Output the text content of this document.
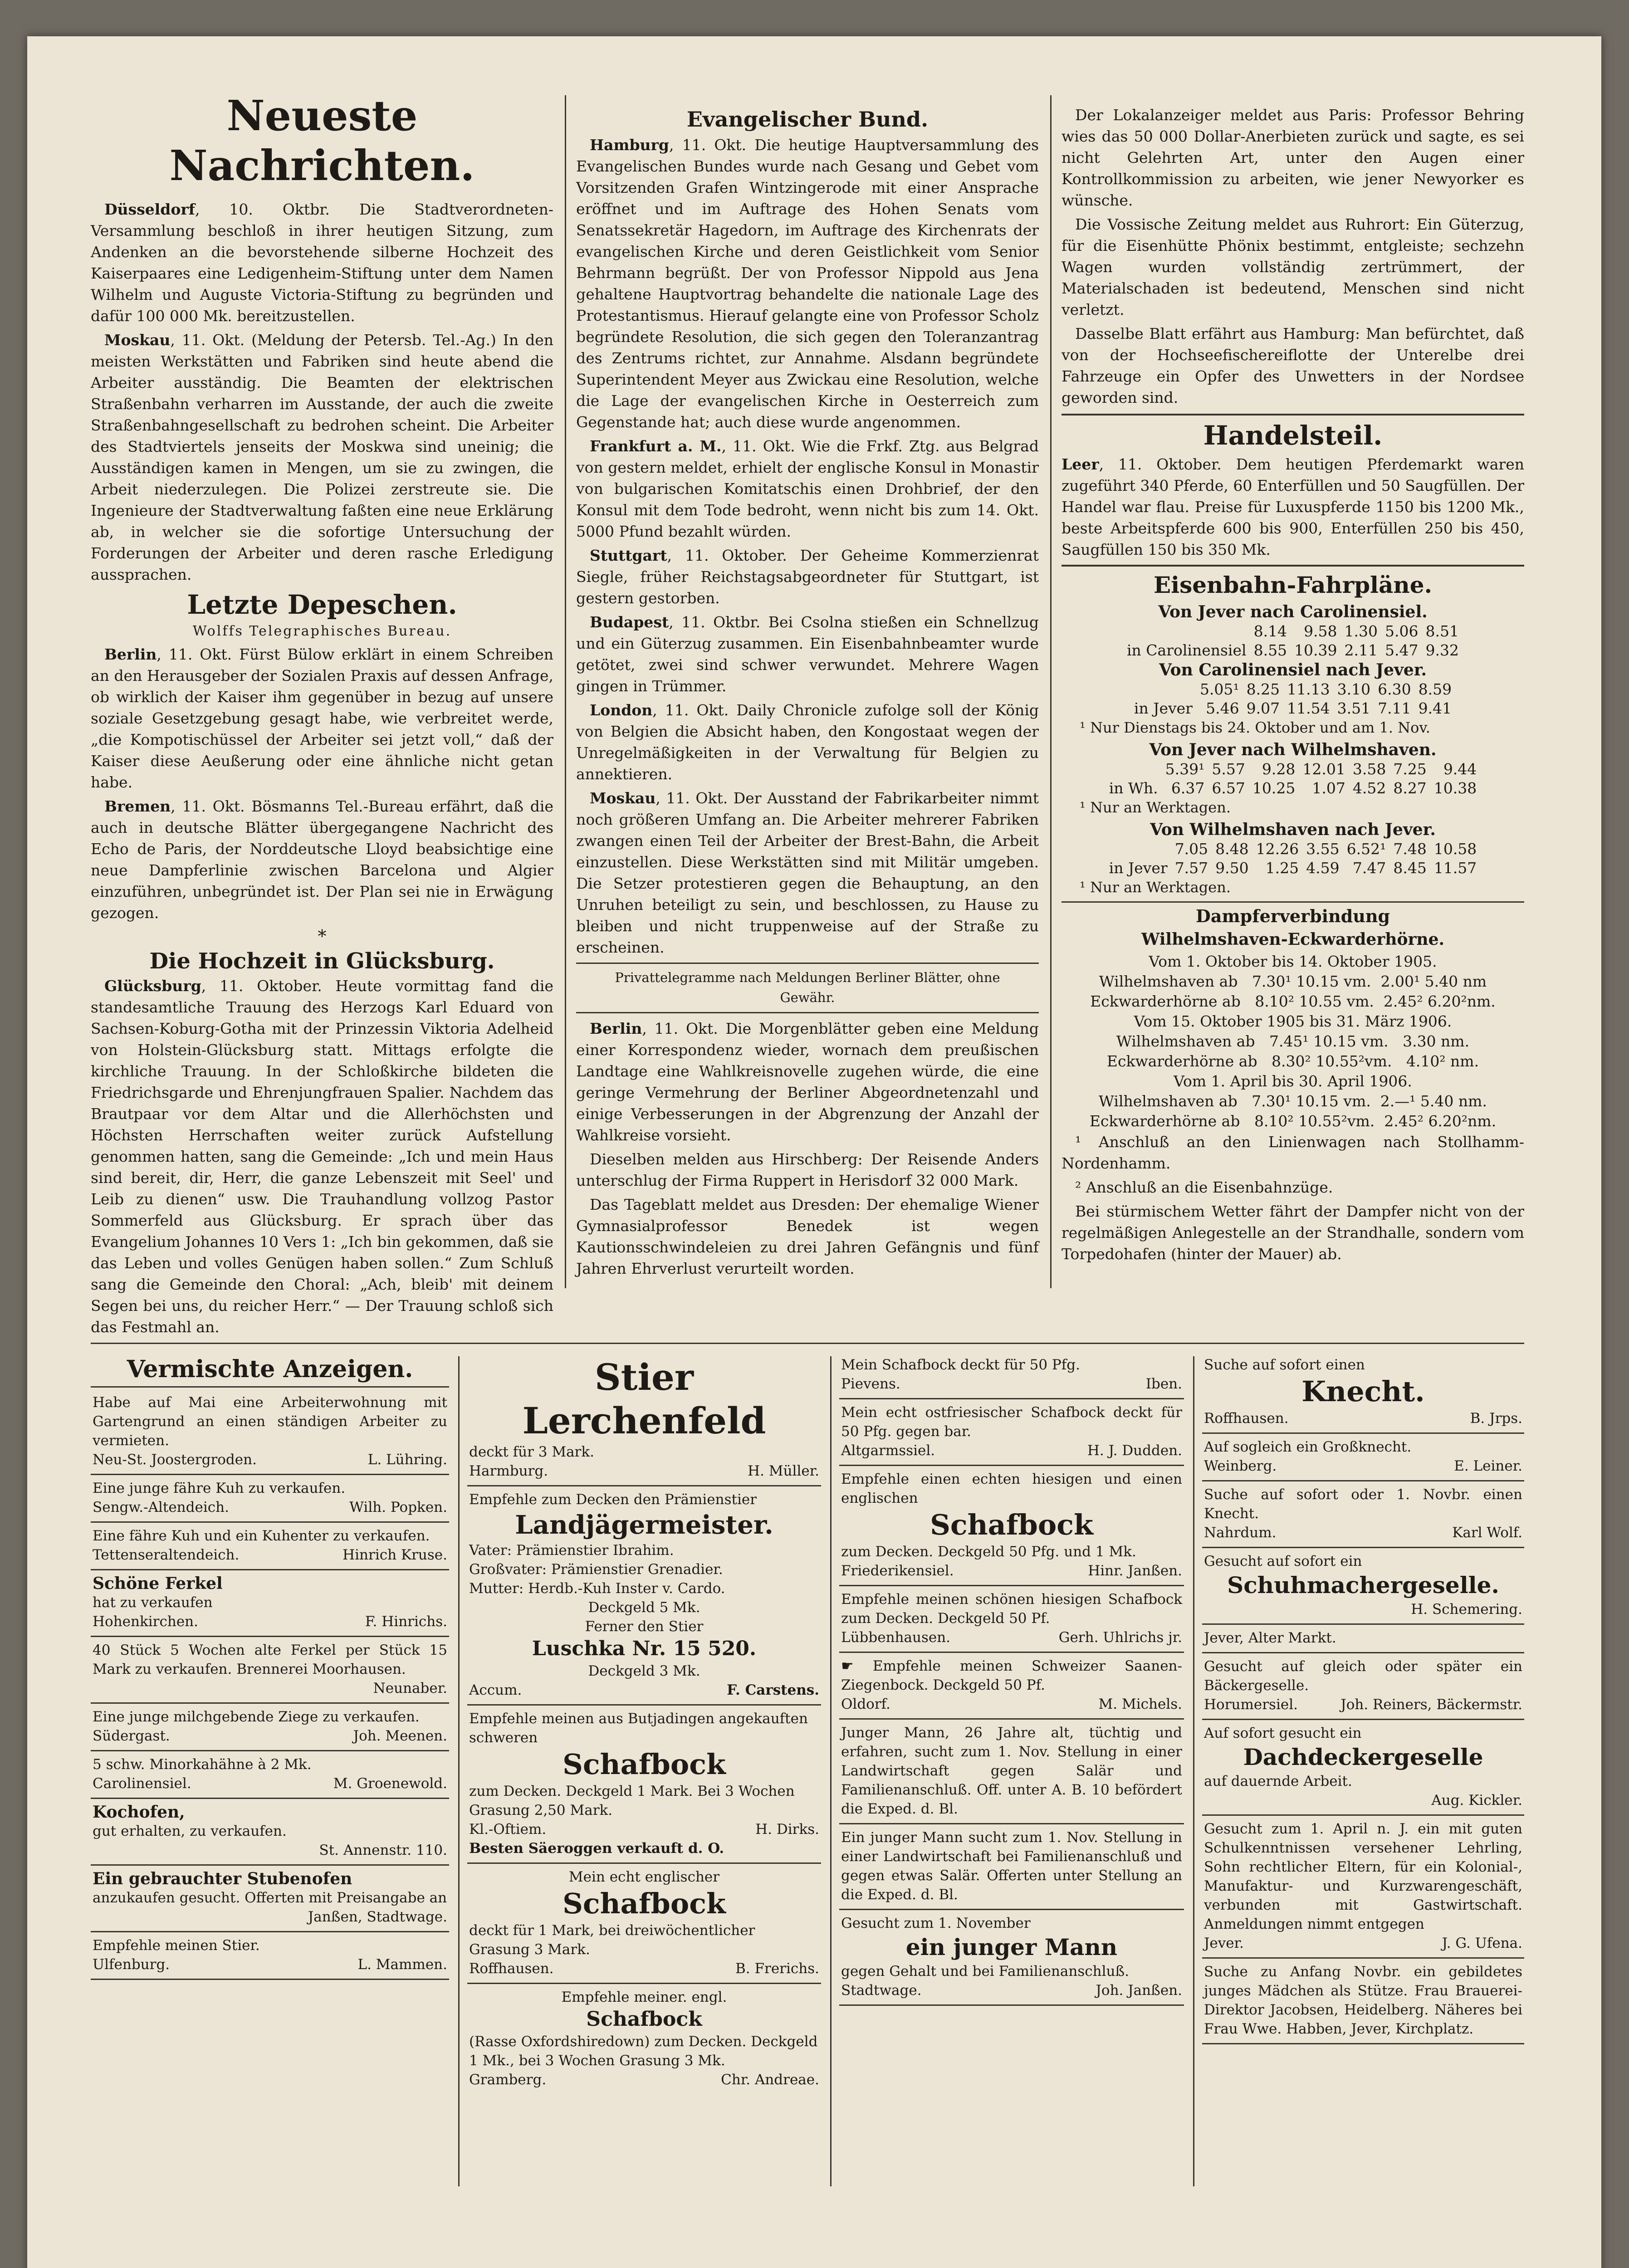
Neueste Nachrichten.

Düsseldorf, 10. Oktbr. Die Stadtverordneten-Versammlung beschloß in ihrer heutigen Sitzung, zum Andenken an die bevorstehende silberne Hochzeit des Kaiserpaares eine Ledigenheim-Stiftung unter dem Namen Wilhelm und Auguste Victoria-Stiftung zu begründen und dafür 100 000 Mk. bereitzustellen.

Moskau, 11. Okt. (Meldung der Petersb. Tel.-Ag.) In den meisten Werkstätten und Fabriken sind heute abend die Arbeiter ausständig. Die Beamten der elektrischen Straßenbahn verharren im Ausstande, der auch die zweite Straßenbahngesellschaft zu bedrohen scheint. Die Arbeiter des Stadtviertels jenseits der Moskwa sind uneinig; die Ausständigen kamen in Mengen, um sie zu zwingen, die Arbeit niederzulegen. Die Polizei zerstreute sie. Die Ingenieure der Stadtverwaltung faßten eine neue Erklärung ab, in welcher sie die sofortige Untersuchung der Forderungen der Arbeiter und deren rasche Erledigung aussprachen.

Letzte Depeschen.
Wolffs Telegraphisches Bureau.

Berlin, 11. Okt. Fürst Bülow erklärt in einem Schreiben an den Herausgeber der Sozialen Praxis auf dessen Anfrage, ob wirklich der Kaiser ihm gegenüber in bezug auf unsere soziale Gesetzgebung gesagt habe, wie verbreitet werde, „die Kompotischüssel der Arbeiter sei jetzt voll,“ daß der Kaiser diese Aeußerung oder eine ähnliche nicht getan habe.

Bremen, 11. Okt. Bösmanns Tel.-Bureau erfährt, daß die auch in deutsche Blätter übergegangene Nachricht des Echo de Paris, der Norddeutsche Lloyd beabsichtige eine neue Dampferlinie zwischen Barcelona und Algier einzuführen, unbegründet ist. Der Plan sei nie in Erwägung gezogen.

*
Die Hochzeit in Glücksburg.

Glücksburg, 11. Oktober. Heute vormittag fand die standesamtliche Trauung des Herzogs Karl Eduard von Sachsen-Koburg-Gotha mit der Prinzessin Viktoria Adelheid von Holstein-Glücksburg statt. Mittags erfolgte die kirchliche Trauung. In der Schloßkirche bildeten die Friedrichsgarde und Ehrenjungfrauen Spalier. Nachdem das Brautpaar vor dem Altar und die Allerhöchsten und Höchsten Herrschaften weiter zurück Aufstellung genommen hatten, sang die Gemeinde: „Ich und mein Haus sind bereit, dir, Herr, die ganze Lebenszeit mit Seel' und Leib zu dienen“ usw. Die Trauhandlung vollzog Pastor Sommerfeld aus Glücksburg. Er sprach über das Evangelium Johannes 10 Vers 1: „Ich bin gekommen, daß sie das Leben und volles Genügen haben sollen.“ Zum Schluß sang die Gemeinde den Choral: „Ach, bleib' mit deinem Segen bei uns, du reicher Herr.“ — Der Trauung schloß sich das Festmahl an.

Evangelischer Bund.

Hamburg, 11. Okt. Die heutige Hauptversammlung des Evangelischen Bundes wurde nach Gesang und Gebet vom Vorsitzenden Grafen Wintzingerode mit einer Ansprache eröffnet und im Auftrage des Hohen Senats vom Senatssekretär Hagedorn, im Auftrage des Kirchenrats der evangelischen Kirche und deren Geistlichkeit vom Senior Behrmann begrüßt. Der von Professor Nippold aus Jena gehaltene Hauptvortrag behandelte die nationale Lage des Protestantismus. Hierauf gelangte eine von Professor Scholz begründete Resolution, die sich gegen den Toleranzantrag des Zentrums richtet, zur Annahme. Alsdann begründete Superintendent Meyer aus Zwickau eine Resolution, welche die Lage der evangelischen Kirche in Oesterreich zum Gegenstande hat; auch diese wurde angenommen.

Frankfurt a. M., 11. Okt. Wie die Frkf. Ztg. aus Belgrad von gestern meldet, erhielt der englische Konsul in Monastir von bulgarischen Komitatschis einen Drohbrief, der den Konsul mit dem Tode bedroht, wenn nicht bis zum 14. Okt. 5000 Pfund bezahlt würden.

Stuttgart, 11. Oktober. Der Geheime Kommerzienrat Siegle, früher Reichstagsabgeordneter für Stuttgart, ist gestern gestorben.

Budapest, 11. Oktbr. Bei Csolna stießen ein Schnellzug und ein Güterzug zusammen. Ein Eisenbahnbeamter wurde getötet, zwei sind schwer verwundet. Mehrere Wagen gingen in Trümmer.

London, 11. Okt. Daily Chronicle zufolge soll der König von Belgien die Absicht haben, den Kongostaat wegen der Unregelmäßigkeiten in der Verwaltung für Belgien zu annektieren.

Moskau, 11. Okt. Der Ausstand der Fabrikarbeiter nimmt noch größeren Umfang an. Die Arbeiter mehrerer Fabriken zwangen einen Teil der Arbeiter der Brest-Bahn, die Arbeit einzustellen. Diese Werkstätten sind mit Militär umgeben. Die Setzer protestieren gegen die Behauptung, an den Unruhen beteiligt zu sein, und beschlossen, zu Hause zu bleiben und nicht truppenweise auf der Straße zu erscheinen.

Privattelegramme nach Meldungen Berliner Blätter, ohne Gewähr.

Berlin, 11. Okt. Die Morgenblätter geben eine Meldung einer Korrespondenz wieder, wornach dem preußischen Landtage eine Wahlkreisnovelle zugehen würde, die eine geringe Vermehrung der Berliner Abgeordnetenzahl und einige Verbesserungen in der Abgrenzung der Anzahl der Wahlkreise vorsieht.

Dieselben melden aus Hirschberg: Der Reisende Anders unterschlug der Firma Ruppert in Herisdorf 32 000 Mark.

Das Tageblatt meldet aus Dresden: Der ehemalige Wiener Gymnasialprofessor Benedek ist wegen Kautionsschwindeleien zu drei Jahren Gefängnis und fünf Jahren Ehrverlust verurteilt worden.

Der Lokalanzeiger meldet aus Paris: Professor Behring wies das 50 000 Dollar-Anerbieten zurück und sagte, es sei nicht Gelehrten Art, unter den Augen einer Kontrollkommission zu arbeiten, wie jener Newyorker es wünsche.

Die Vossische Zeitung meldet aus Ruhrort: Ein Güterzug, für die Eisenhütte Phönix bestimmt, entgleiste; sechzehn Wagen wurden vollständig zertrümmert, der Materialschaden ist bedeutend, Menschen sind nicht verletzt.

Dasselbe Blatt erfährt aus Hamburg: Man befürchtet, daß von der Hochseefischereiflotte der Unterelbe drei Fahrzeuge ein Opfer des Unwetters in der Nordsee geworden sind.

Handelsteil.

Leer, 11. Oktober. Dem heutigen Pferdemarkt waren zugeführt 340 Pferde, 60 Enterfüllen und 50 Saugfüllen. Der Handel war flau. Preise für Luxuspferde 1150 bis 1200 Mk., beste Arbeitspferde 600 bis 900, Enterfüllen 250 bis 450, Saugfüllen 150 bis 350 Mk.

Eisenbahn-Fahrpläne.
Von Jever nach Carolinensiel.
	8.14	9.58	1.30	5.06	8.51
in Carolinensiel	8.55	10.39	2.11	5.47	9.32
Von Carolinensiel nach Jever.
	5.05¹	8.25	11.13	3.10	6.30	8.59
in Jever	5.46	9.07	11.54	3.51	7.11	9.41
¹ Nur Dienstags bis 24. Oktober und am 1. Nov.
Von Jever nach Wilhelmshaven.
	5.39¹	5.57	9.28	12.01	3.58	7.25	9.44
in Wh.	6.37	6.57	10.25	1.07	4.52	8.27	10.38
¹ Nur an Werktagen.
Von Wilhelmshaven nach Jever.
	7.05	8.48	12.26	3.55	6.52¹	7.48	10.58
in Jever	7.57	9.50	1.25	4.59	7.47	8.45	11.57
¹ Nur an Werktagen.
Dampferverbindung
Wilhelmshaven-Eckwarderhörne.
Vom 1. Oktober bis 14. Oktober 1905.
Wilhelmshaven ab   7.30¹ 10.15 vm.  2.00¹ 5.40 nm
Eckwarderhörne ab   8.10² 10.55 vm.  2.45² 6.20²nm.
Vom 15. Oktober 1905 bis 31. März 1906.
Wilhelmshaven ab   7.45¹ 10.15 vm.   3.30 nm.
Eckwarderhörne ab   8.30² 10.55²vm.   4.10² nm.
Vom 1. April bis 30. April 1906.
Wilhelmshaven ab   7.30¹ 10.15 vm.  2.—¹ 5.40 nm.
Eckwarderhörne ab   8.10² 10.55²vm.  2.45² 6.20²nm.

¹ Anschluß an den Linienwagen nach Stollhamm-Nordenhamm.

² Anschluß an die Eisenbahnzüge.

Bei stürmischem Wetter fährt der Dampfer nicht von der regelmäßigen Anlegestelle an der Strandhalle, sondern vom Torpedohafen (hinter der Mauer) ab.

Vermischte Anzeigen.
Habe auf Mai eine Arbeiterwohnung mit Gartengrund an einen ständigen Arbeiter zu vermieten.
Neu-St. Joostergroden.	L. Lühring.
Eine junge fähre Kuh zu verkaufen.
Sengw.-Altendeich.	Wilh. Popken.
Eine fähre Kuh und ein Kuhenter zu verkaufen.
Tettenseraltendeich.	Hinrich Kruse.
Schöne Ferkel
hat zu verkaufen
Hohenkirchen.	F. Hinrichs.
40 Stück 5 Wochen alte Ferkel per Stück 15 Mark zu verkaufen. Brennerei Moorhausen.
Neunaber.
Eine junge milchgebende Ziege zu verkaufen.
Südergast.	Joh. Meenen.
5 schw. Minorkahähne à 2 Mk.
Carolinensiel.	M. Groenewold.
Kochofen,
gut erhalten, zu verkaufen.
St. Annenstr. 110.
Ein gebrauchter Stubenofen
anzukaufen gesucht. Offerten mit Preisangabe an
Janßen, Stadtwage.
Empfehle meinen Stier.
Ulfenburg.	L. Mammen.
Stier Lerchenfeld
deckt für 3 Mark.
Harmburg.	H. Müller.
Empfehle zum Decken den Prämienstier
Landjägermeister.
Vater: Prämienstier Ibrahim.
Großvater: Prämienstier Grenadier.
Mutter: Herdb.-Kuh Inster v. Cardo.
Deckgeld 5 Mk.
Ferner den Stier
Luschka Nr. 15 520.
Deckgeld 3 Mk.
Accum.	F. Carstens.
Empfehle meinen aus Butjadingen angekauften schweren
Schafbock
zum Decken. Deckgeld 1 Mark. Bei 3 Wochen Grasung 2,50 Mark.
Kl.-Oftiem.	H. Dirks.
Besten Säeroggen verkauft d. O.
Mein echt englischer
Schafbock
deckt für 1 Mark, bei dreiwöchentlicher Grasung 3 Mark.
Roffhausen.	B. Frerichs.
Empfehle meiner. engl.
Schafbock
(Rasse Oxfordshiredown) zum Decken. Deckgeld 1 Mk., bei 3 Wochen Grasung 3 Mk.
Gramberg.	Chr. Andreae.
Mein Schafbock deckt für 50 Pfg.
Pievens.	Iben.
Mein echt ostfriesischer Schafbock deckt für 50 Pfg. gegen bar.
Altgarmssiel.	H. J. Dudden.
Empfehle einen echten hiesigen und einen englischen
Schafbock
zum Decken. Deckgeld 50 Pfg. und 1 Mk.
Friederikensiel.	Hinr. Janßen.
Empfehle meinen schönen hiesigen Schafbock zum Decken. Deckgeld 50 Pf.
Lübbenhausen.	Gerh. Uhlrichs jr.
☛ Empfehle meinen Schweizer Saanen-Ziegenbock. Deckgeld 50 Pf.
Oldorf.	M. Michels.
Junger Mann, 26 Jahre alt, tüchtig und erfahren, sucht zum 1. Nov. Stellung in einer Landwirtschaft gegen Salär und Familienanschluß. Off. unter A. B. 10 befördert die Exped. d. Bl.
Ein junger Mann sucht zum 1. Nov. Stellung in einer Landwirtschaft bei Familienanschluß und gegen etwas Salär. Offerten unter Stellung an die Exped. d. Bl.
Gesucht zum 1. November
ein junger Mann
gegen Gehalt und bei Familienanschluß.
Stadtwage.	Joh. Janßen.
Suche auf sofort einen
Knecht.
Roffhausen.	B. Jrps.
Auf sogleich ein Großknecht.
Weinberg.	E. Leiner.
Suche auf sofort oder 1. Novbr. einen Knecht.
Nahrdum.	Karl Wolf.
Gesucht auf sofort ein
Schuhmachergeselle.
H. Schemering.
Jever, Alter Markt.
Gesucht auf gleich oder später ein Bäckergeselle.
Horumersiel.	Joh. Reiners, Bäckermstr.
Auf sofort gesucht ein
Dachdeckergeselle
auf dauernde Arbeit.
Aug. Kickler.
Gesucht zum 1. April n. J. ein mit guten Schulkenntnissen versehener Lehrling, Sohn rechtlicher Eltern, für ein Kolonial-, Manufaktur- und Kurzwarengeschäft, verbunden mit Gastwirtschaft. Anmeldungen nimmt entgegen
Jever.	J. G. Ufena.
Suche zu Anfang Novbr. ein gebildetes junges Mädchen als Stütze. Frau Brauerei-Direktor Jacobsen, Heidelberg. Näheres bei Frau Wwe. Habben, Jever, Kirchplatz.
